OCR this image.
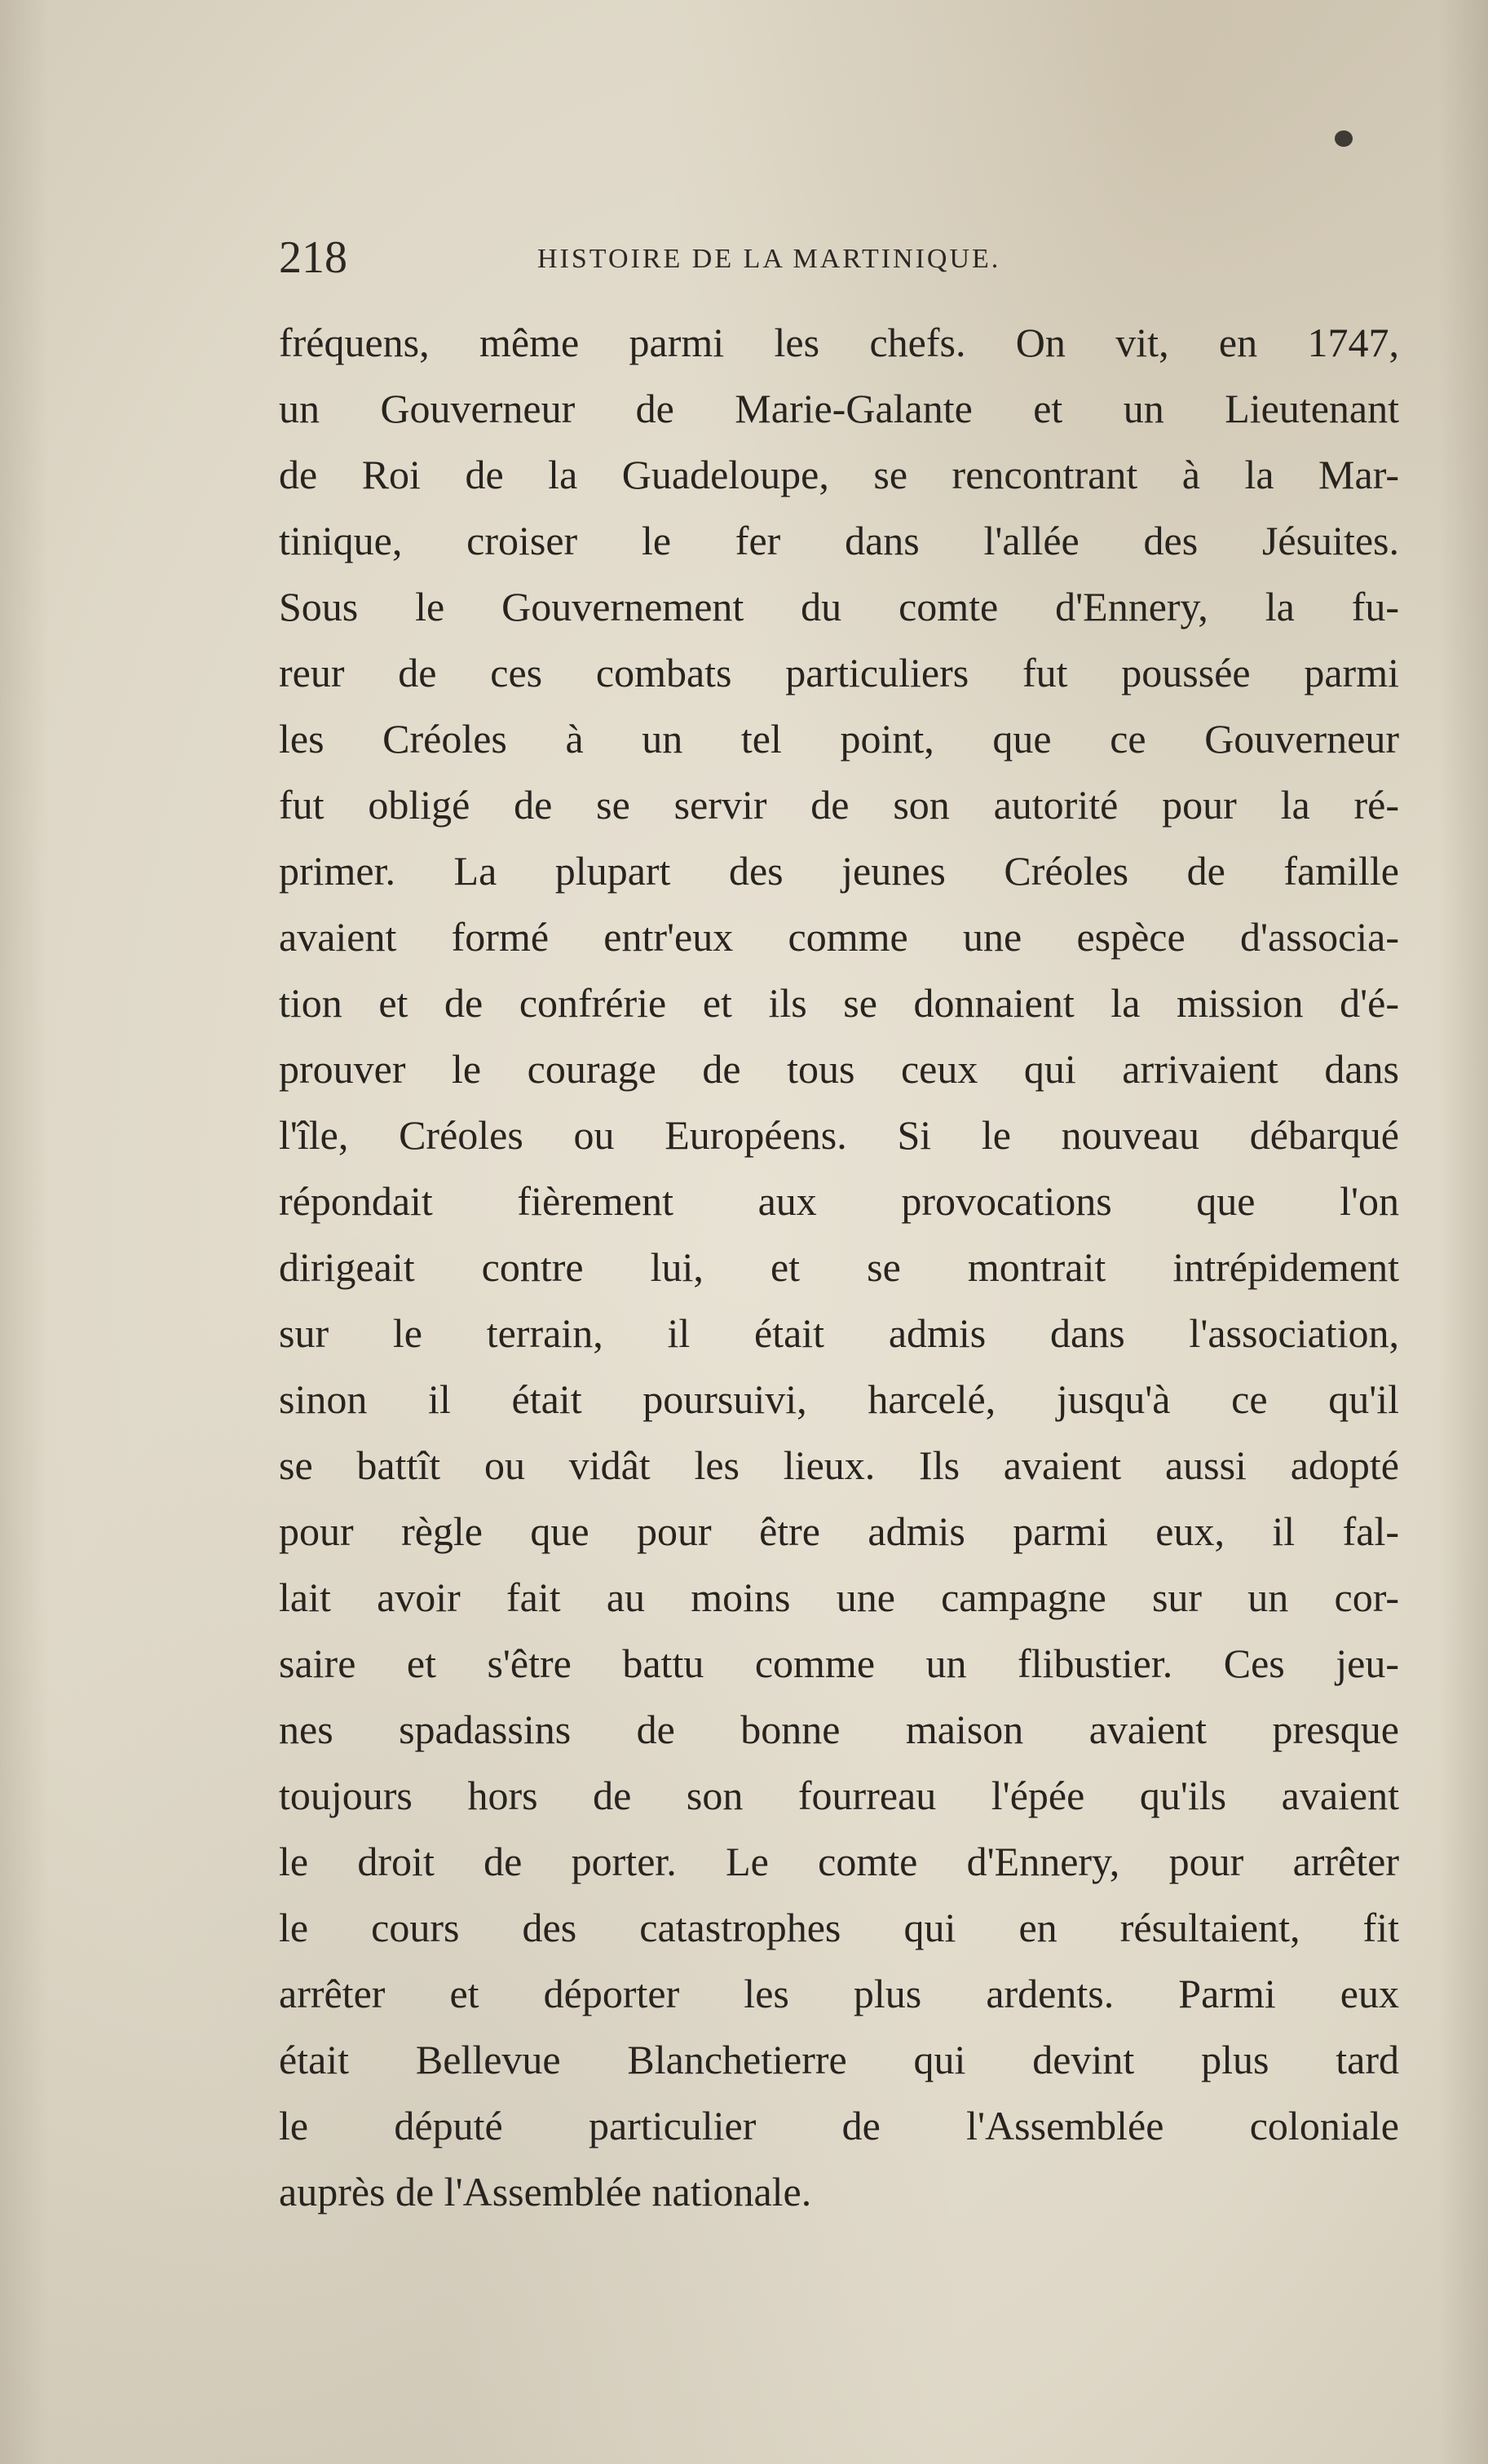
218	HISTOIRE DE LA MARTINIQUE.
fréquens, même parmi les chefs. On vit, en 1747,
un Gouverneur de Marie-Galante et un Lieutenant
de Roi de la Guadeloupe, se rencontrant à la Mar-
tinique, croiser le fer dans l'allée des Jésuites.
Sous le Gouvernement du comte d'Ennery, la fu-
reur de ces combats particuliers fut poussée parmi
les Créoles à un tel point, que ce Gouverneur
fut obligé de se servir de son autorité pour la ré-
primer. La plupart des jeunes Créoles de famille
avaient formé entr'eux comme une espèce d'associa-
tion et de confrérie et ils se donnaient la mission d'é-
prouver le courage de tous ceux qui arrivaient dans
l'île, Créoles ou Européens. Si le nouveau débarqué
répondait fièrement aux provocations que l'on
dirigeait contre lui, et se montrait intrépidement
sur le terrain, il était admis dans l'association,
sinon il était poursuivi, harcelé, jusqu'à ce qu'il
se battît ou vidât les lieux. Ils avaient aussi adopté
pour règle que pour être admis parmi eux, il fal-
lait avoir fait au moins une campagne sur un cor-
saire et s'être battu comme un flibustier. Ces jeu-
nes spadassins de bonne maison avaient presque
toujours hors de son fourreau l'épée qu'ils avaient
le droit de porter. Le comte d'Ennery, pour arrêter
le cours des catastrophes qui en résultaient, fit
arrêter et déporter les plus ardents. Parmi eux
était Bellevue Blanchetierre qui devint plus tard
le député particulier de l'Assemblée coloniale
auprès de l'Assemblée nationale.
